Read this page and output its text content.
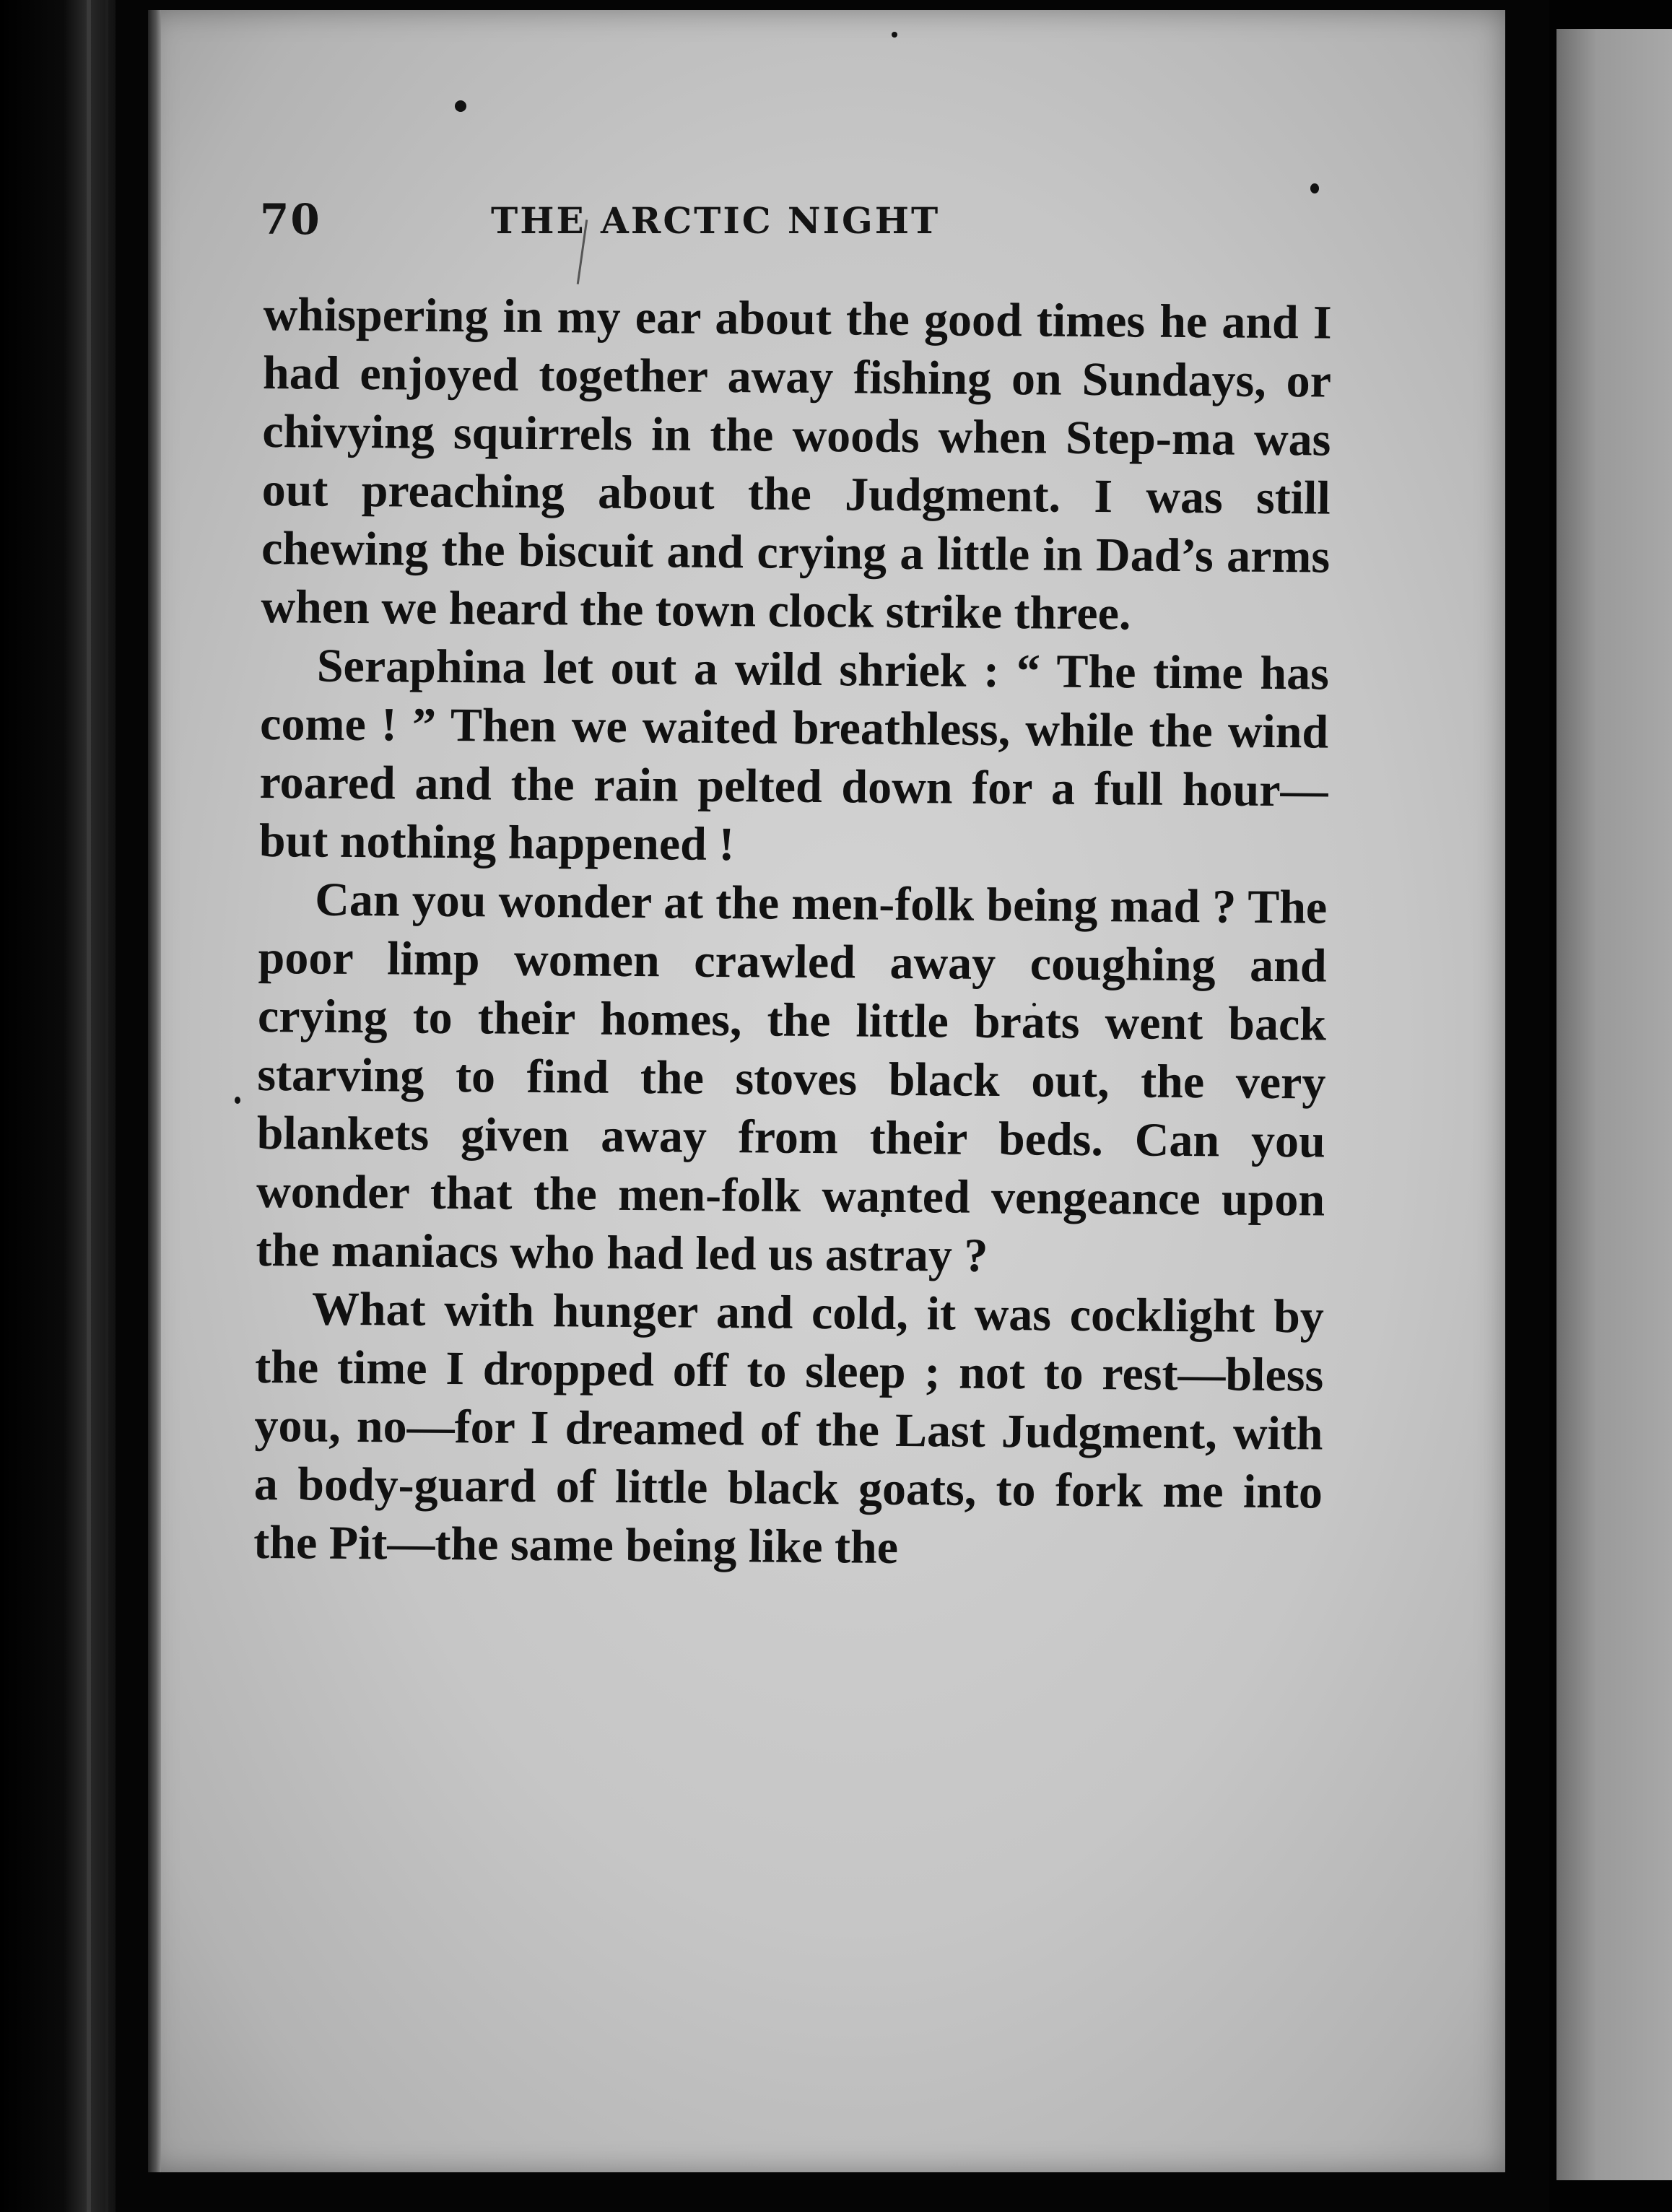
70	THE ARCTIC NIGHT

whispering in my ear about the good times he and I had enjoyed together away fishing on Sundays, or chivying squirrels in the woods when Step-ma was out preaching about the Judgment. I was still chewing the biscuit and crying a little in Dad’s arms when we heard the town clock strike three.

Seraphina let out a wild shriek : “ The time has come ! ” Then we waited breathless, while the wind roared and the rain pelted down for a full hour—but nothing happened !

Can you wonder at the men-folk being mad ? The poor limp women crawled away coughing and crying to their homes, the little brats went back starving to find the stoves black out, the very blankets given away from their beds. Can you wonder that the men-folk wanted vengeance upon the maniacs who had led us astray ?

What with hunger and cold, it was cocklight by the time I dropped off to sleep ; not to rest—bless you, no—for I dreamed of the Last Judgment, with a body-guard of little black goats, to fork me into the Pit—the same being like the
